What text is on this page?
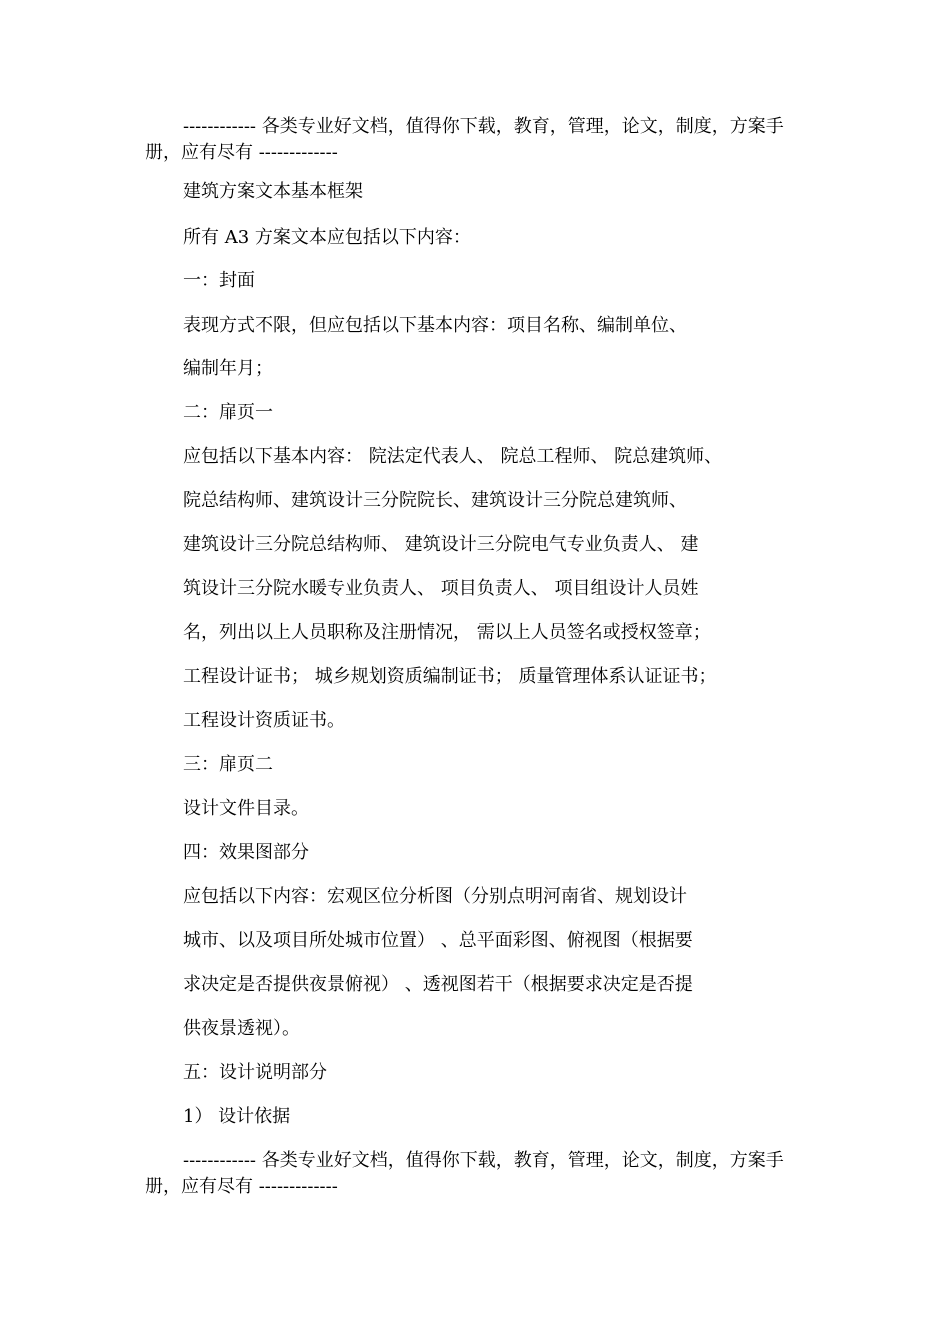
------------ 各类专业好文档，值得你下载，教育，管理，论文，制度，方案手册，应有尽有 -------------

建筑方案文本基本框架

所有 A3 方案文本应包括以下内容：

一：封面

表现方式不限，但应包括以下基本内容：项目名称、编制单位、

编制年月；

二：扉页一

应包括以下基本内容： 院法定代表人、 院总工程师、 院总建筑师、

院总结构师、建筑设计三分院院长、建筑设计三分院总建筑师、

建筑设计三分院总结构师、 建筑设计三分院电气专业负责人、 建

筑设计三分院水暖专业负责人、 项目负责人、 项目组设计人员姓

名，列出以上人员职称及注册情况， 需以上人员签名或授权签章；

工程设计证书； 城乡规划资质编制证书； 质量管理体系认证证书；

工程设计资质证书。

三：扉页二

设计文件目录。

四：效果图部分

应包括以下内容：宏观区位分析图（分别点明河南省、规划设计

城市、以及项目所处城市位置） 、总平面彩图、俯视图（根据要

求决定是否提供夜景俯视） 、透视图若干（根据要求决定是否提

供夜景透视）。

五：设计说明部分

1） 设计依据

------------ 各类专业好文档，值得你下载，教育，管理，论文，制度，方案手册，应有尽有 -------------
